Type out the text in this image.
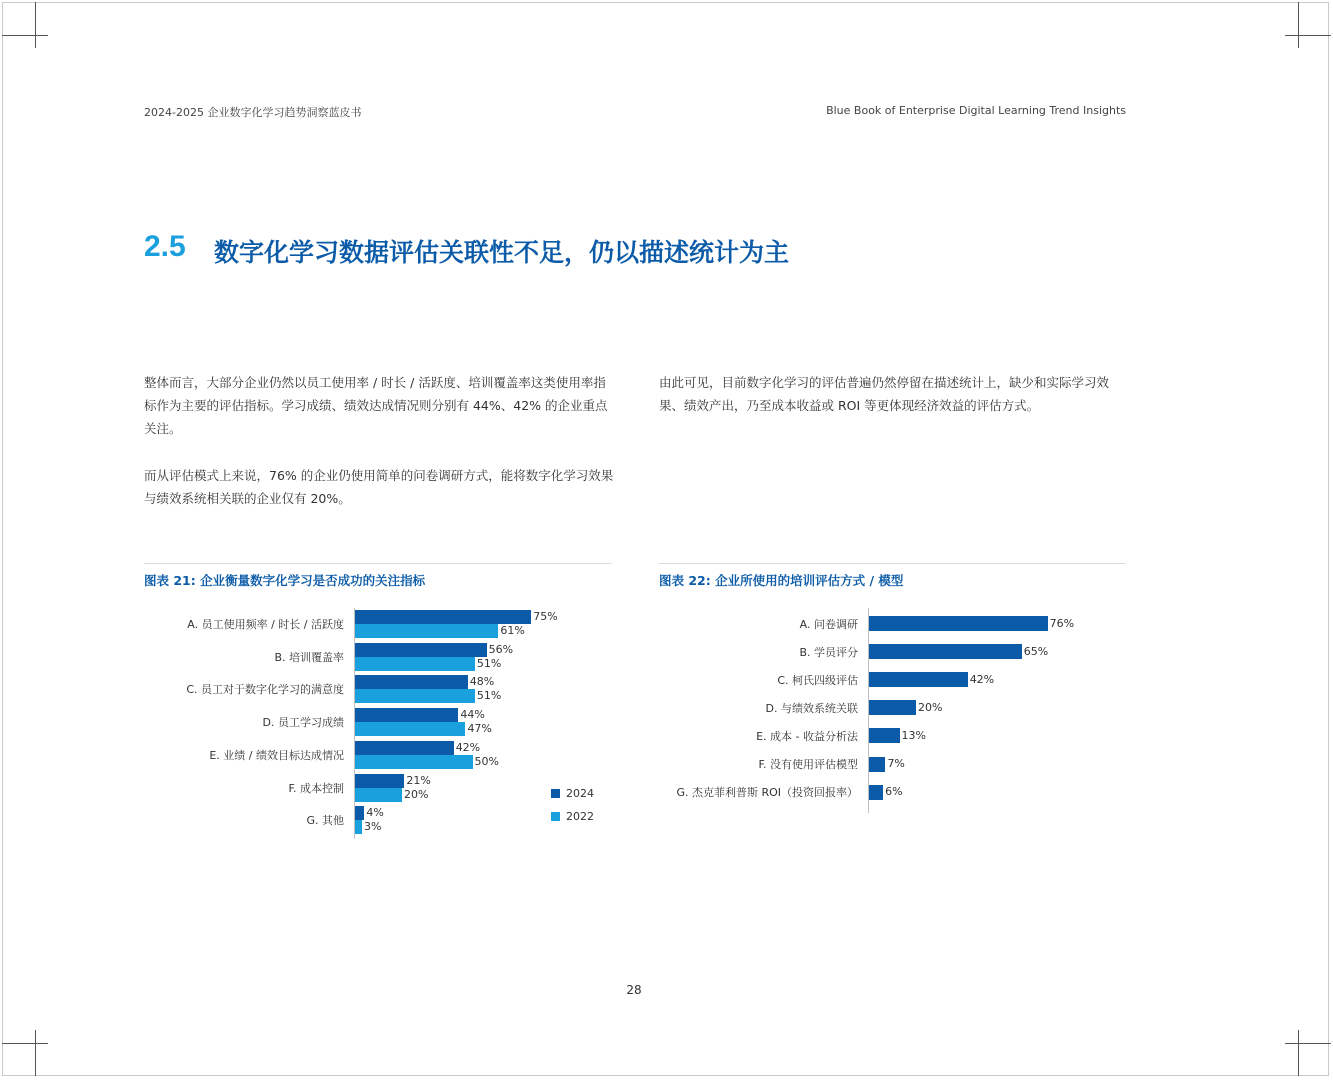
2024-2025 企业数字化学习趋势洞察蓝皮书	Blue Book of Enterprise Digital Learning Trend Insights
2.5 数字化学习数据评估关联性不足，仍以描述统计为主
整体而言，大部分企业仍然以员工使用率 / 时长 / 活跃度、培训覆盖率这类使用率指标作为主要的评估指标。学习成绩、绩效达成情况则分别有 44%、42% 的企业重点关注。
而从评估模式上来说，76% 的企业仍使用简单的问卷调研方式，能将数字化学习效果与绩效系统相关联的企业仅有 20%。
由此可见，目前数字化学习的评估普遍仍然停留在描述统计上，缺少和实际学习效果、绩效产出，乃至成本收益或 ROI 等更体现经济效益的评估方式。
图表 21: 企业衡量数字化学习是否成功的关注指标	图表 22: 企业所使用的培训评估方式 / 模型
A. 员工使用频率 / 时长 / 活跃度
75%
61%
B. 培训覆盖率
56%
51%
C. 员工对于数字化学习的满意度
48%
51%
D. 员工学习成绩
44%
47%
E. 业绩 / 绩效目标达成情况
42%
50%
F. 成本控制
21%
20%
G. 其他
4%
3%
2024
2022
A. 问卷调研	76%
B. 学员评分	65%
C. 柯氏四级评估	42%
D. 与绩效系统关联	20%
E. 成本 - 收益分析法	13%
F. 没有使用评估模型	7%
G. 杰克菲利普斯 ROI（投资回报率） 6%
28
